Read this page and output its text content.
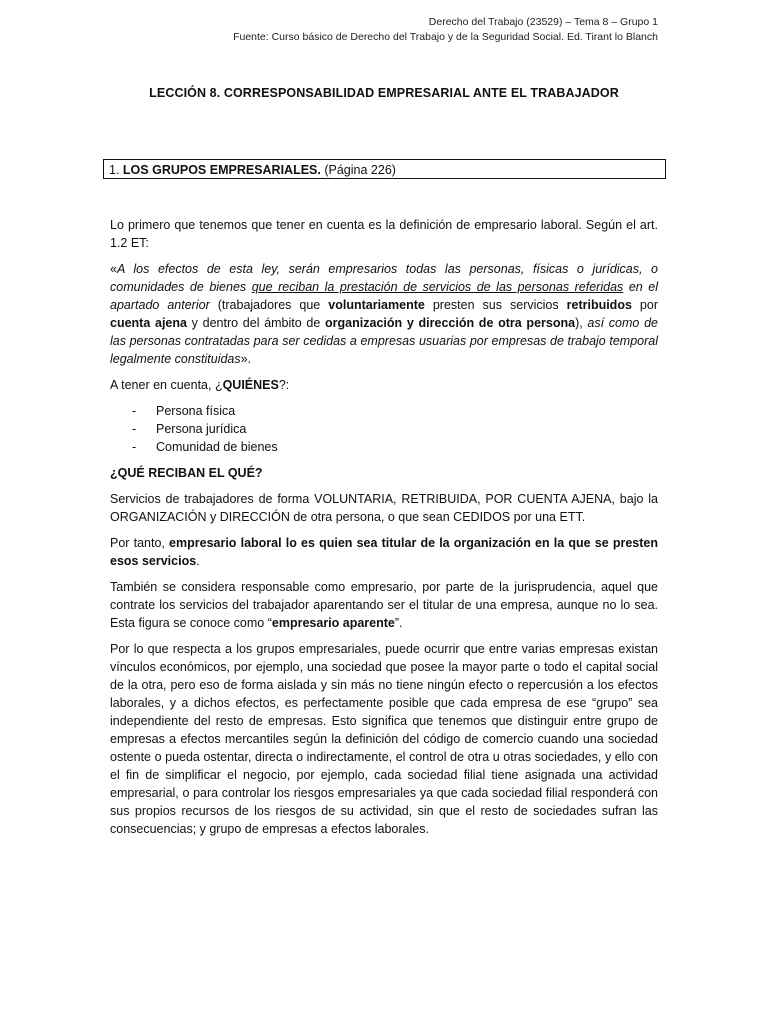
Derecho del Trabajo (23529) – Tema 8 – Grupo 1
Fuente: Curso básico de Derecho del Trabajo y de la Seguridad Social. Ed. Tirant lo Blanch
LECCIÓN 8. CORRESPONSABILIDAD EMPRESARIAL ANTE EL TRABAJADOR
1. LOS GRUPOS EMPRESARIALES. (Página 226)

Lo primero que tenemos que tener en cuenta es la definición de empresario laboral. Según el art. 1.2 ET:

«A los efectos de esta ley, serán empresarios todas las personas, físicas o jurídicas, o comunidades de bienes que reciban la prestación de servicios de las personas referidas en el apartado anterior (trabajadores que voluntariamente presten sus servicios retribuidos por cuenta ajena y dentro del ámbito de organización y dirección de otra persona), así como de las personas contratadas para ser cedidas a empresas usuarias por empresas de trabajo temporal legalmente constituidas».

A tener en cuenta, ¿QUIÉNES?:

- Persona física
- Persona jurídica
- Comunidad de bienes

¿QUÉ RECIBAN EL QUÉ?

Servicios de trabajadores de forma VOLUNTARIA, RETRIBUIDA, POR CUENTA AJENA, bajo la ORGANIZACIÓN y DIRECCIÓN de otra persona, o que sean CEDIDOS por una ETT.

Por tanto, empresario laboral lo es quien sea titular de la organización en la que se presten esos servicios.

También se considera responsable como empresario, por parte de la jurisprudencia, aquel que contrate los servicios del trabajador aparentando ser el titular de una empresa, aunque no lo sea. Esta figura se conoce como “empresario aparente”.

Por lo que respecta a los grupos empresariales, puede ocurrir que entre varias empresas existan vínculos económicos, por ejemplo, una sociedad que posee la mayor parte o todo el capital social de la otra, pero eso de forma aislada y sin más no tiene ningún efecto o repercusión a los efectos laborales, y a dichos efectos, es perfectamente posible que cada empresa de ese “grupo” sea independiente del resto de empresas. Esto significa que tenemos que distinguir entre grupo de empresas a efectos mercantiles según la definición del código de comercio cuando una sociedad ostente o pueda ostentar, directa o indirectamente, el control de otra u otras sociedades, y ello con el fin de simplificar el negocio, por ejemplo, cada sociedad filial tiene asignada una actividad empresarial, o para controlar los riesgos empresariales ya que cada sociedad filial responderá con sus propios recursos de los riesgos de su actividad, sin que el resto de sociedades sufran las consecuencias; y grupo de empresas a efectos laborales.
